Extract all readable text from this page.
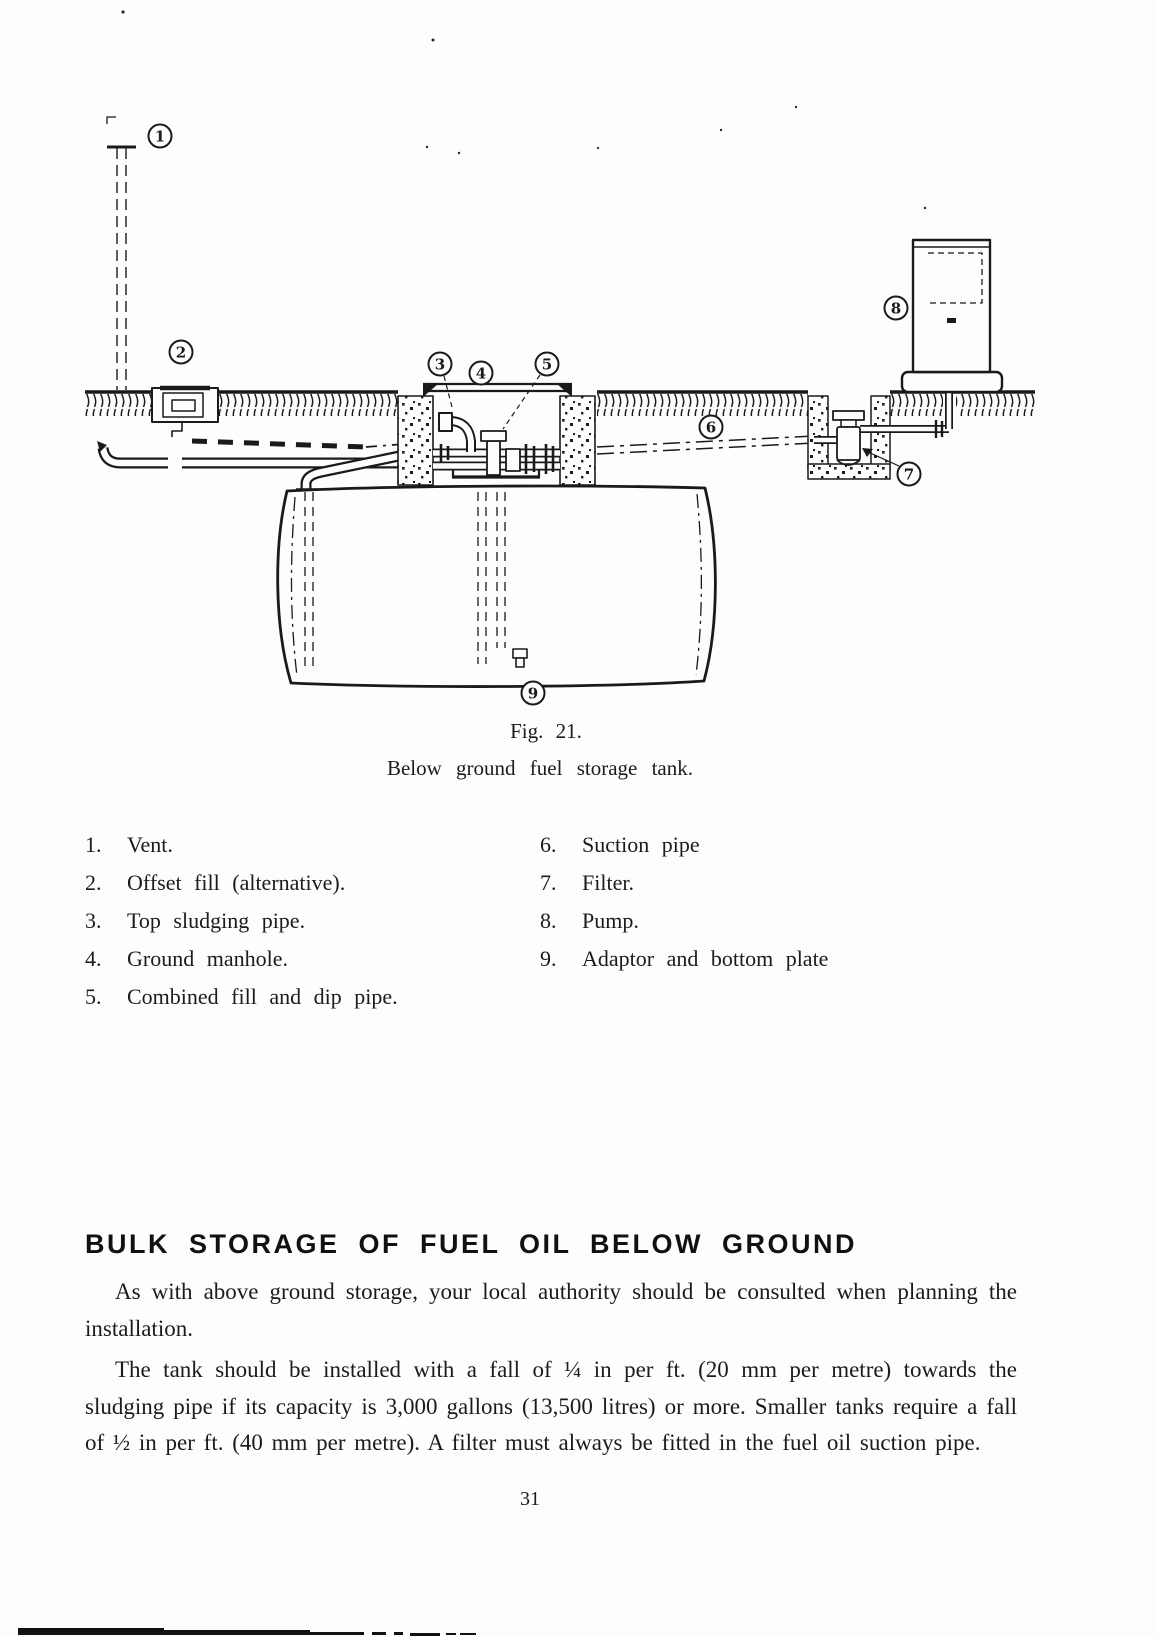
1
2
3 4	5
6
7
8
9
Fig. 21.
Below ground fuel storage tank.
1.	Vent.
2.	Offset fill (alternative).
3.	Top sludging pipe.
4.	Ground manhole.
5.	Combined fill and dip pipe.
6.	Suction pipe
7.	Filter.
8.	Pump.
9.	Adaptor and bottom plate
BULK STORAGE OF FUEL OIL BELOW GROUND

As with above ground storage, your local authority should be consulted when planning the installation.

The tank should be installed with a fall of ¼ in per ft. (20 mm per metre) towards the sludging pipe if its capacity is 3,000 gallons (13,500 litres) or more. Smaller tanks require a fall of ½ in per ft. (40 mm per metre). A filter must always be fitted in the fuel oil suction pipe.

31
